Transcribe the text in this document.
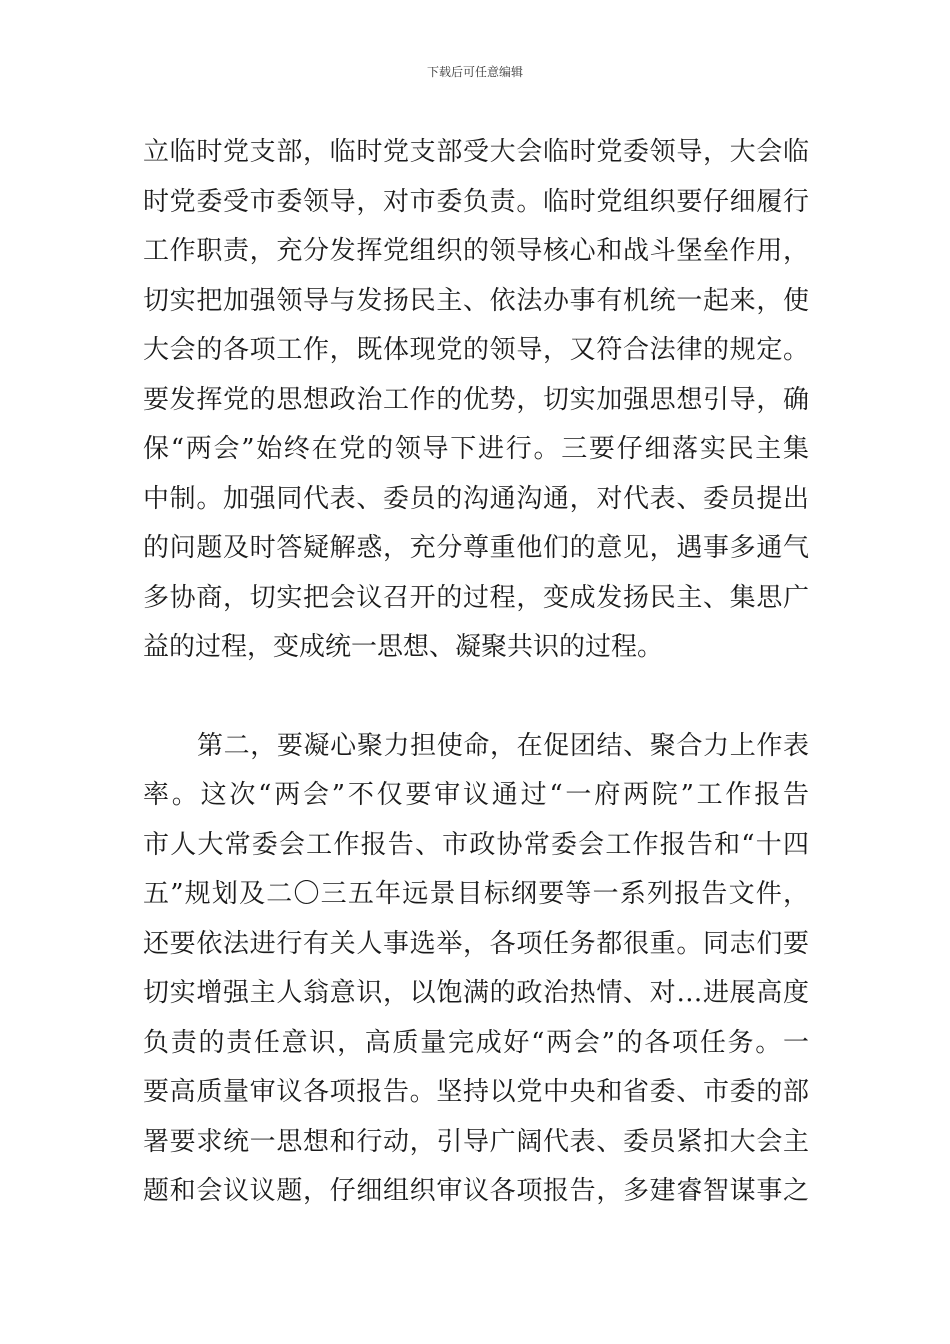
下载后可任意编辑
立临时党支部，临时党支部受大会临时党委领导，大会临
时党委受市委领导，对市委负责。临时党组织要仔细履行
工作职责，充分发挥党组织的领导核心和战斗堡垒作用，
切实把加强领导与发扬民主、依法办事有机统一起来，使
大会的各项工作，既体现党的领导，又符合法律的规定。
要发挥党的思想政治工作的优势，切实加强思想引导，确
保“两会”始终在党的领导下进行。三要仔细落实民主集
中制。加强同代表、委员的沟通沟通，对代表、委员提出
的问题及时答疑解惑，充分尊重他们的意见，遇事多通气
多协商，切实把会议召开的过程，变成发扬民主、集思广
益的过程，变成统一思想、凝聚共识的过程。
第二，要凝心聚力担使命，在促团结、聚合力上作表
率。这次“两会”不仅要审议通过“一府两院”工作报告
市人大常委会工作报告、市政协常委会工作报告和“十四
五”规划及二〇三五年远景目标纲要等一系列报告文件，
还要依法进行有关人事选举，各项任务都很重。同志们要
切实增强主人翁意识，以饱满的政治热情、对…进展高度
负责的责任意识，高质量完成好“两会”的各项任务。一
要高质量审议各项报告。坚持以党中央和省委、市委的部
署要求统一思想和行动，引导广阔代表、委员紧扣大会主
题和会议议题，仔细组织审议各项报告，多建睿智谋事之
